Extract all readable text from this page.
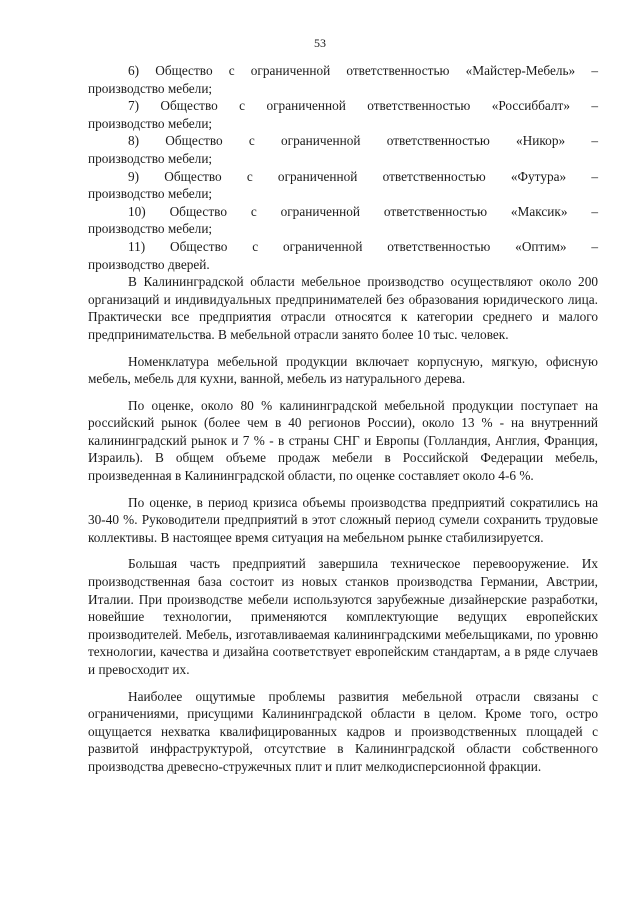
53

6) Общество с ограниченной ответственностью «Майстер-Мебель» –
производство мебели;

7) Общество с ограниченной ответственностью «Россиббалт» –
производство мебели;

8) Общество с ограниченной ответственностью «Никор» –
производство мебели;

9) Общество с ограниченной ответственностью «Футура» –
производство мебели;

10) Общество с ограниченной ответственностью «Максик» –
производство мебели;

11) Общество с ограниченной ответственностью «Оптим» –
производство дверей.

В Калининградской области мебельное производство осуществляют около 200 организаций и индивидуальных предпринимателей без образования юридического лица. Практически все предприятия отрасли относятся к категории среднего и малого предпринимательства. В мебельной отрасли занято более 10 тыс. человек.

Номенклатура мебельной продукции включает корпусную, мягкую, офисную мебель, мебель для кухни, ванной, мебель из натурального дерева.

По оценке, около 80 % калининградской мебельной продукции поступает на российский рынок (более чем в 40 регионов России), около 13 % - на внутренний калининградский рынок и 7 % - в страны СНГ и Европы (Голландия, Англия, Франция, Израиль). В общем объеме продаж мебели в Российской Федерации мебель, произведенная в Калининградской области, по оценке составляет около 4-6 %.

По оценке, в период кризиса объемы производства предприятий сократились на 30-40 %. Руководители предприятий в этот сложный период сумели сохранить трудовые коллективы. В настоящее время ситуация на мебельном рынке стабилизируется.

Большая часть предприятий завершила техническое перевооружение. Их производственная база состоит из новых станков производства Германии, Австрии, Италии. При производстве мебели используются зарубежные дизайнерские разработки, новейшие технологии, применяются комплектующие ведущих европейских производителей. Мебель, изготавливаемая калининградскими мебельщиками, по уровню технологии, качества и дизайна соответствует европейским стандартам, а в ряде случаев и превосходит их.

Наиболее ощутимые проблемы развития мебельной отрасли связаны с ограничениями, присущими Калининградской области в целом. Кроме того, остро ощущается нехватка квалифицированных кадров и производственных площадей с развитой инфраструктурой, отсутствие в Калининградской области собственного производства древесно-стружечных плит и плит мелкодисперсионной фракции.
